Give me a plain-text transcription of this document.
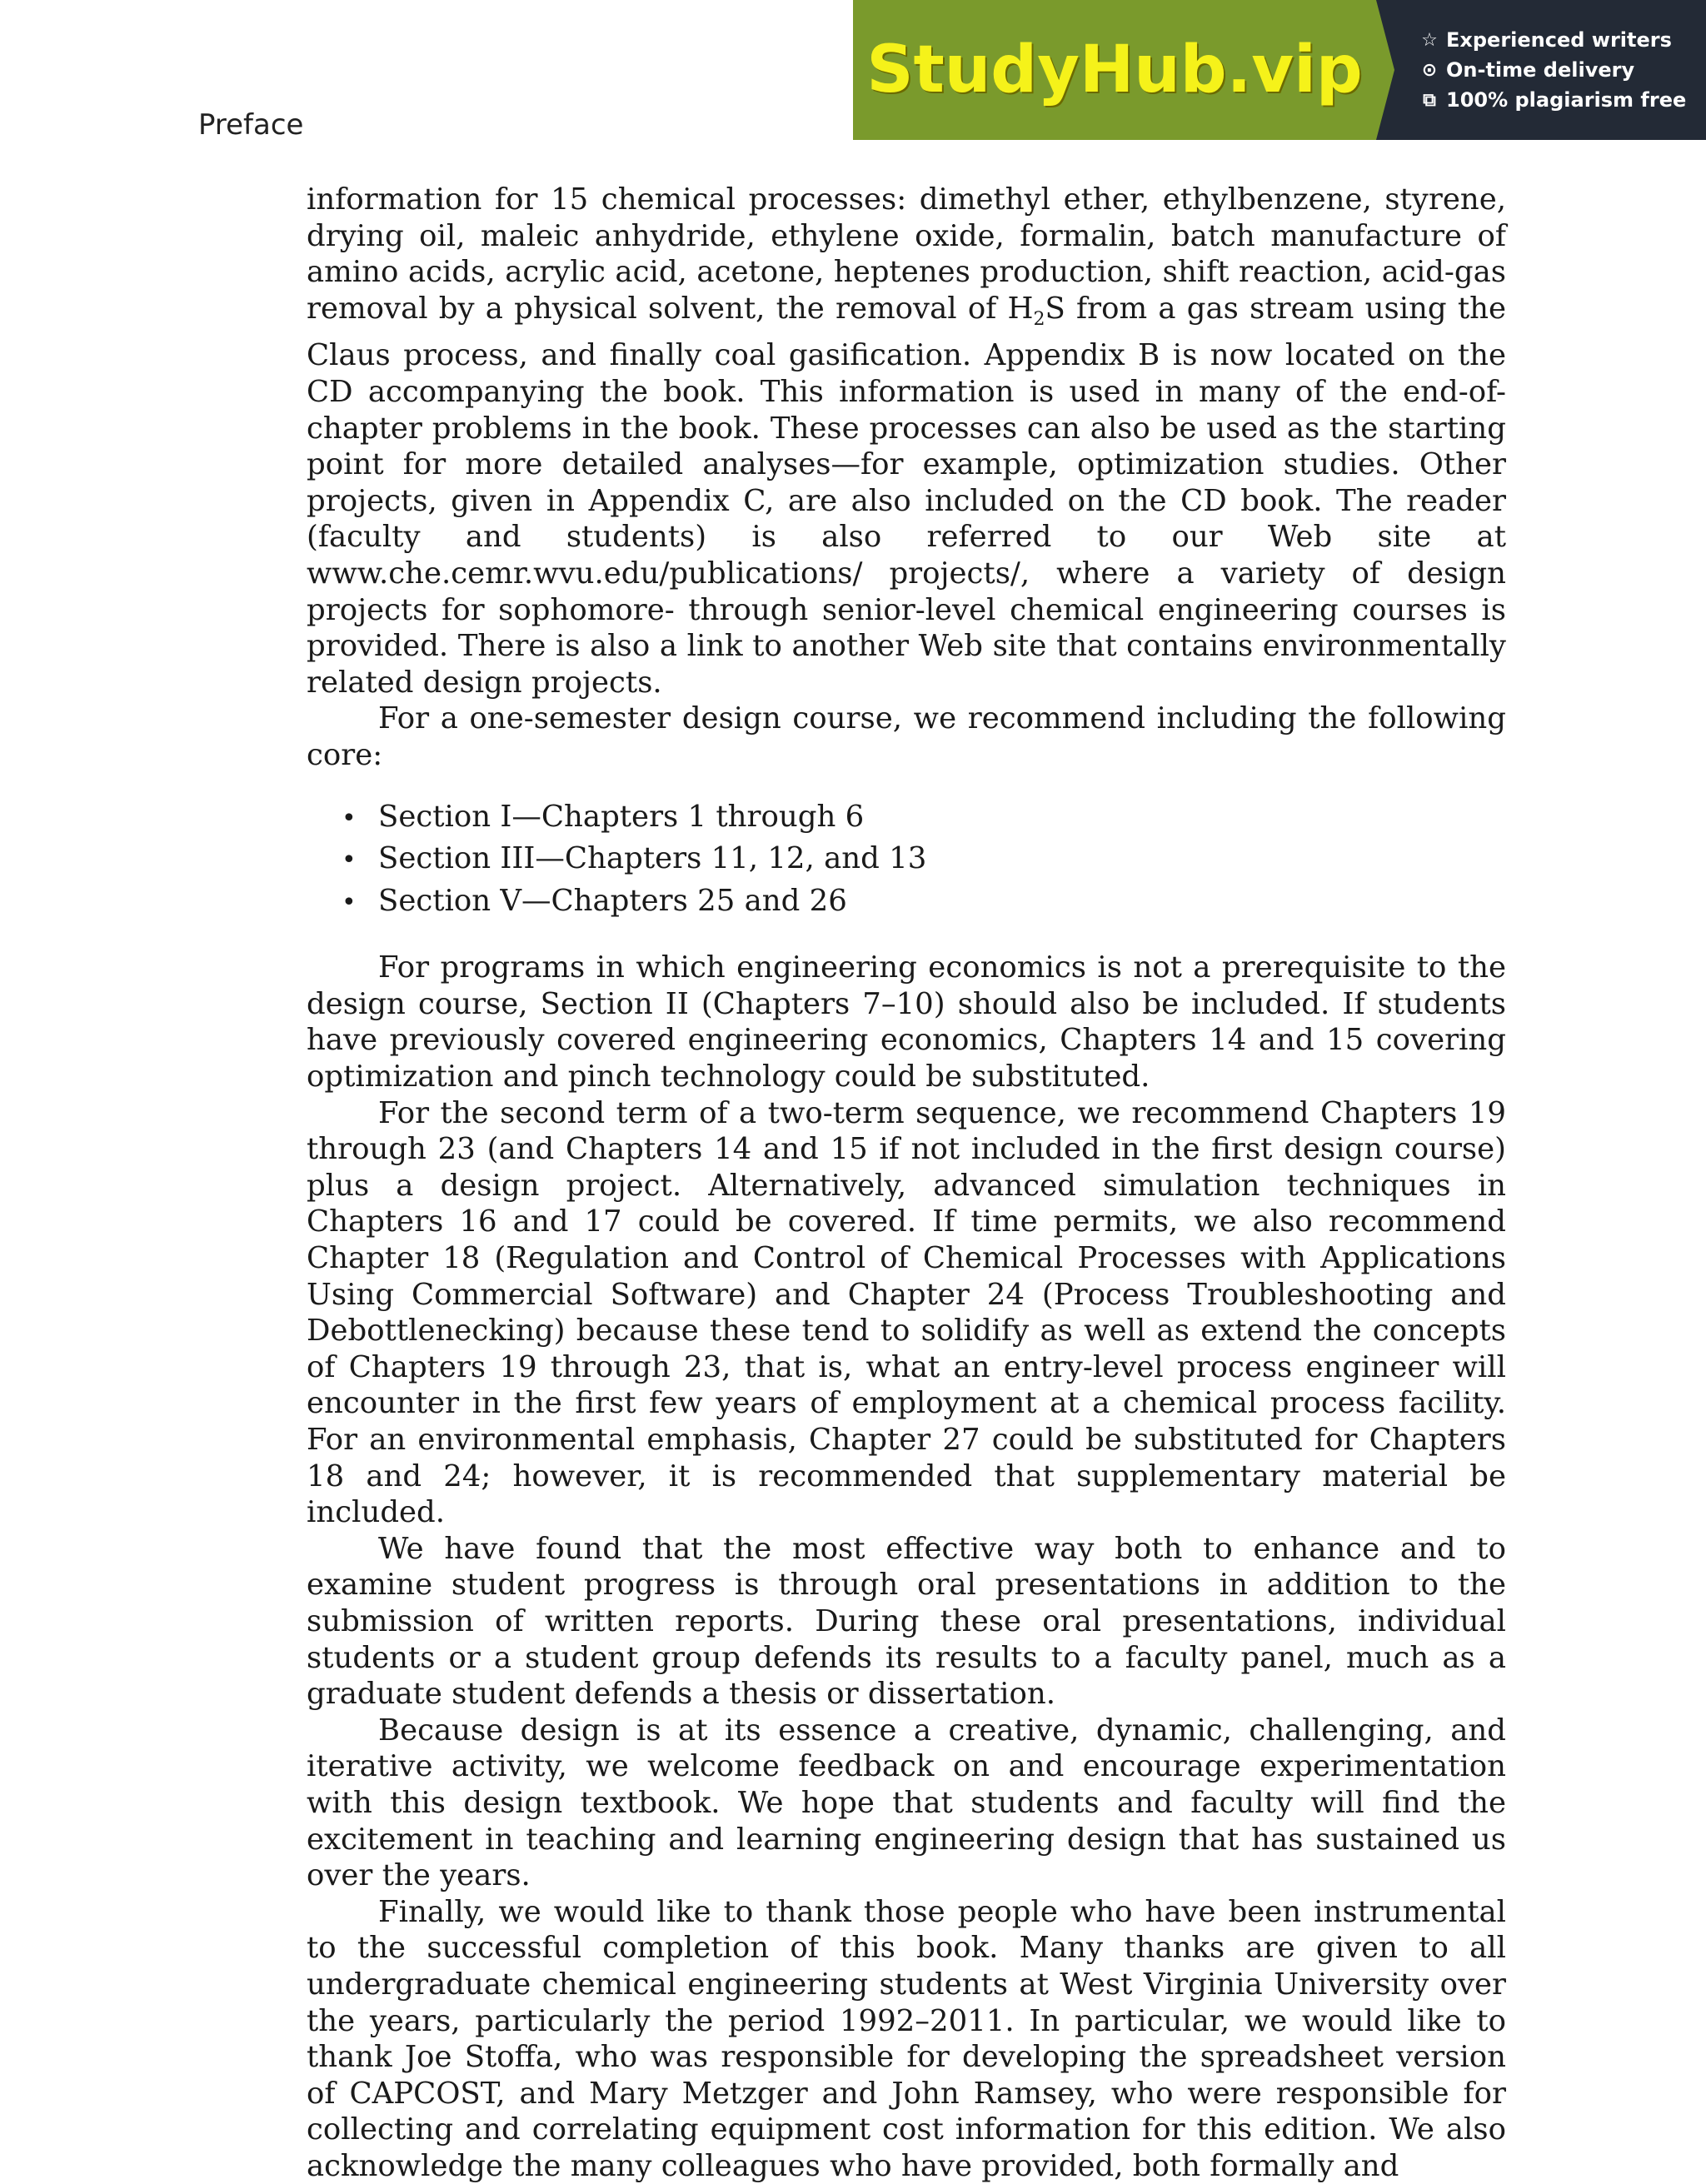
StudyHub.vip	☆ Experienced writers
⊙ On-time delivery
⧉ 100% plagiarism free
Preface

information for 15 chemical processes: dimethyl ether, ethylbenzene, styrene, drying oil, maleic anhydride, ethylene oxide, formalin, batch manufacture of amino acids, acrylic acid, acetone, heptenes production, shift reaction, acid-gas removal by a physical solvent, the removal of $H_2S$ from a gas stream using the Claus process, and finally coal gasification. Appendix B is now located on the CD accompanying the book. This information is used in many of the end-of-chapter problems in the book. These processes can also be used as the starting point for more detailed analyses—for example, optimization studies. Other projects, given in Appendix C, are also included on the CD book. The reader (faculty and students) is also referred to our Web site at www.che.cemr.wvu.edu/publications/ projects/, where a variety of design projects for sophomore- through senior-level chemical engineering courses is provided. There is also a link to another Web site that contains environmentally related design projects.

For a one-semester design course, we recommend including the following core:

• Section I—Chapters 1 through 6
• Section III—Chapters 11, 12, and 13
• Section V—Chapters 25 and 26

For programs in which engineering economics is not a prerequisite to the design course, Section II (Chapters 7–10) should also be included. If students have previously covered engineering economics, Chapters 14 and 15 covering optimization and pinch technology could be substituted.

For the second term of a two-term sequence, we recommend Chapters 19 through 23 (and Chapters 14 and 15 if not included in the first design course) plus a design project. Alternatively, advanced simulation techniques in Chapters 16 and 17 could be covered. If time permits, we also recommend Chapter 18 (Regulation and Control of Chemical Processes with Applications Using Commercial Software) and Chapter 24 (Process Troubleshooting and Debottlenecking) because these tend to solidify as well as extend the concepts of Chapters 19 through 23, that is, what an entry-level process engineer will encounter in the first few years of employment at a chemical process facility. For an environmental emphasis, Chapter 27 could be substituted for Chapters 18 and 24; however, it is recommended that supplementary material be included.

We have found that the most effective way both to enhance and to examine student progress is through oral presentations in addition to the submission of written reports. During these oral presentations, individual students or a student group defends its results to a faculty panel, much as a graduate student defends a thesis or dissertation.

Because design is at its essence a creative, dynamic, challenging, and iterative activity, we welcome feedback on and encourage experimentation with this design textbook. We hope that students and faculty will find the excitement in teaching and learning engineering design that has sustained us over the years.

Finally, we would like to thank those people who have been instrumental to the successful completion of this book. Many thanks are given to all undergraduate chemical engineering students at West Virginia University over the years, particularly the period 1992–2011. In particular, we would like to thank Joe Stoffa, who was responsible for developing the spreadsheet version of CAPCOST, and Mary Metzger and John Ramsey, who were responsible for collecting and correlating equipment cost information for this edition. We also acknowledge the many colleagues who have provided, both formally and
